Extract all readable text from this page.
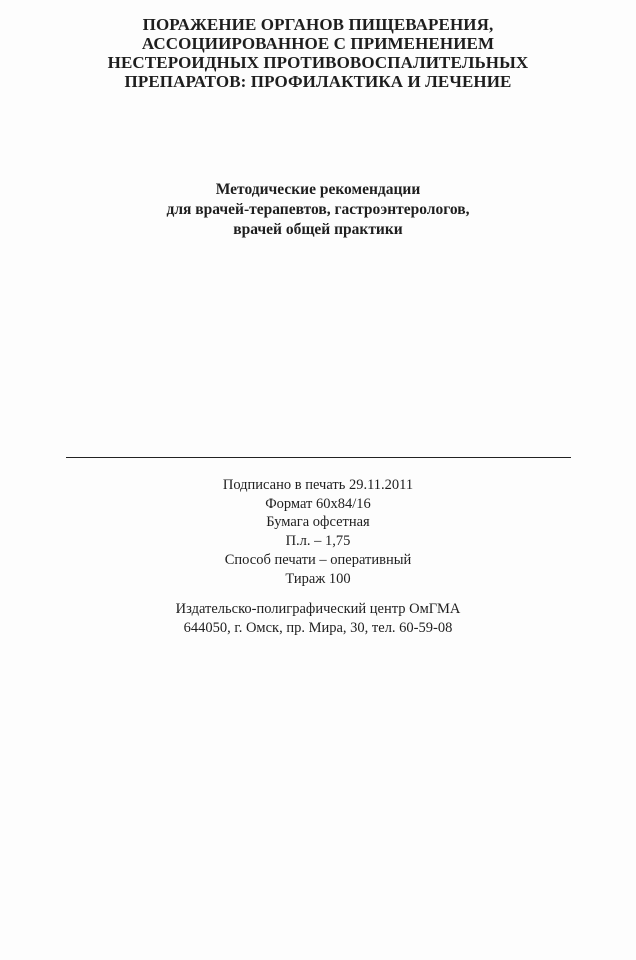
ПОРАЖЕНИЕ ОРГАНОВ ПИЩЕВАРЕНИЯ,
АССОЦИИРОВАННОЕ С ПРИМЕНЕНИЕМ
НЕСТЕРОИДНЫХ ПРОТИВОВОСПАЛИТЕЛЬНЫХ
ПРЕПАРАТОВ: ПРОФИЛАКТИКА И ЛЕЧЕНИЕ
Методические рекомендации
для врачей-терапевтов, гастроэнтерологов,
врачей общей практики
Подписано в печать 29.11.2011
Формат 60х84/16
Бумага офсетная
П.л. – 1,75
Способ печати – оперативный
Тираж 100
Издательско-полиграфический центр ОмГМА
644050, г. Омск, пр. Мира, 30, тел. 60-59-08
